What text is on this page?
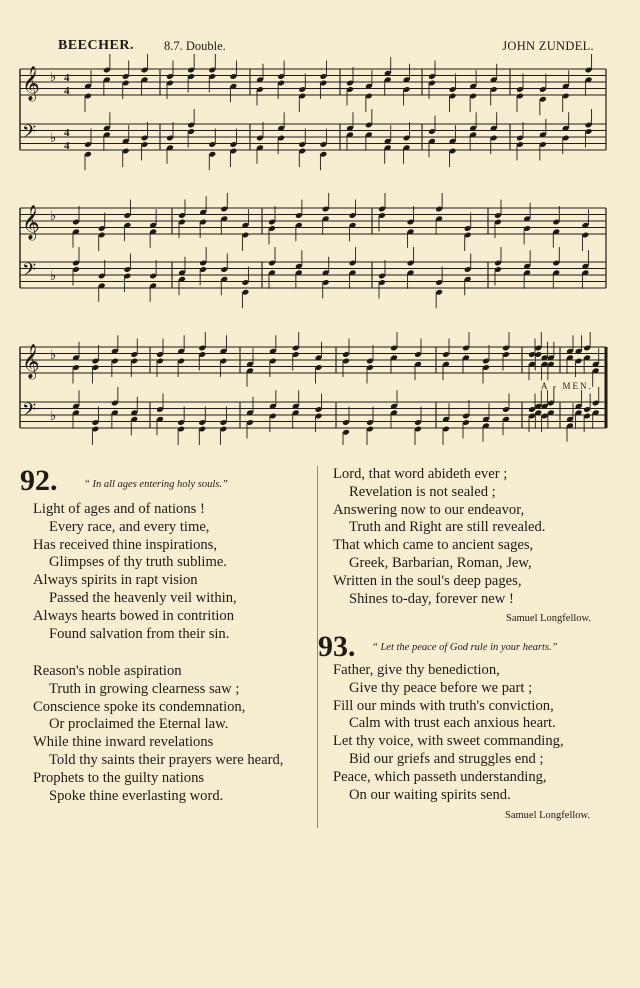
BEECHER. 8.7. Double.	JOHN ZUNDEL.
𝄞 ♭ 4
4
𝄢 ♭ 4
4
𝄞 ♭
𝄢 ♭
𝄞 ♭
𝄢 ♭
A - MEN.
92.	“ In all ages entering holy souls.”
Light of ages and of nations !
Every race, and every time,
Has received thine inspirations,
Glimpses of thy truth sublime.
Always spirits in rapt vision
Passed the heavenly veil within,
Always hearts bowed in contrition
Found salvation from their sin.
Reason's noble aspiration
Truth in growing clearness saw ;
Conscience spoke its condemnation,
Or proclaimed the Eternal law.
While thine inward revelations
Told thy saints their prayers were heard,
Prophets to the guilty nations
Spoke thine everlasting word.
Lord, that word abideth ever ;
Revelation is not sealed ;
Answering now to our endeavor,
Truth and Right are still revealed.
That which came to ancient sages,
Greek, Barbarian, Roman, Jew,
Written in the soul's deep pages,
Shines to-day, forever new !
Samuel Longfellow.
93. “ Let the peace of God rule in your hearts.”
Father, give thy benediction,
Give thy peace before we part ;
Fill our minds with truth's conviction,
Calm with trust each anxious heart.
Let thy voice, with sweet commanding,
Bid our griefs and struggles end ;
Peace, which passeth understanding,
On our waiting spirits send.
Samuel Longfellow.
